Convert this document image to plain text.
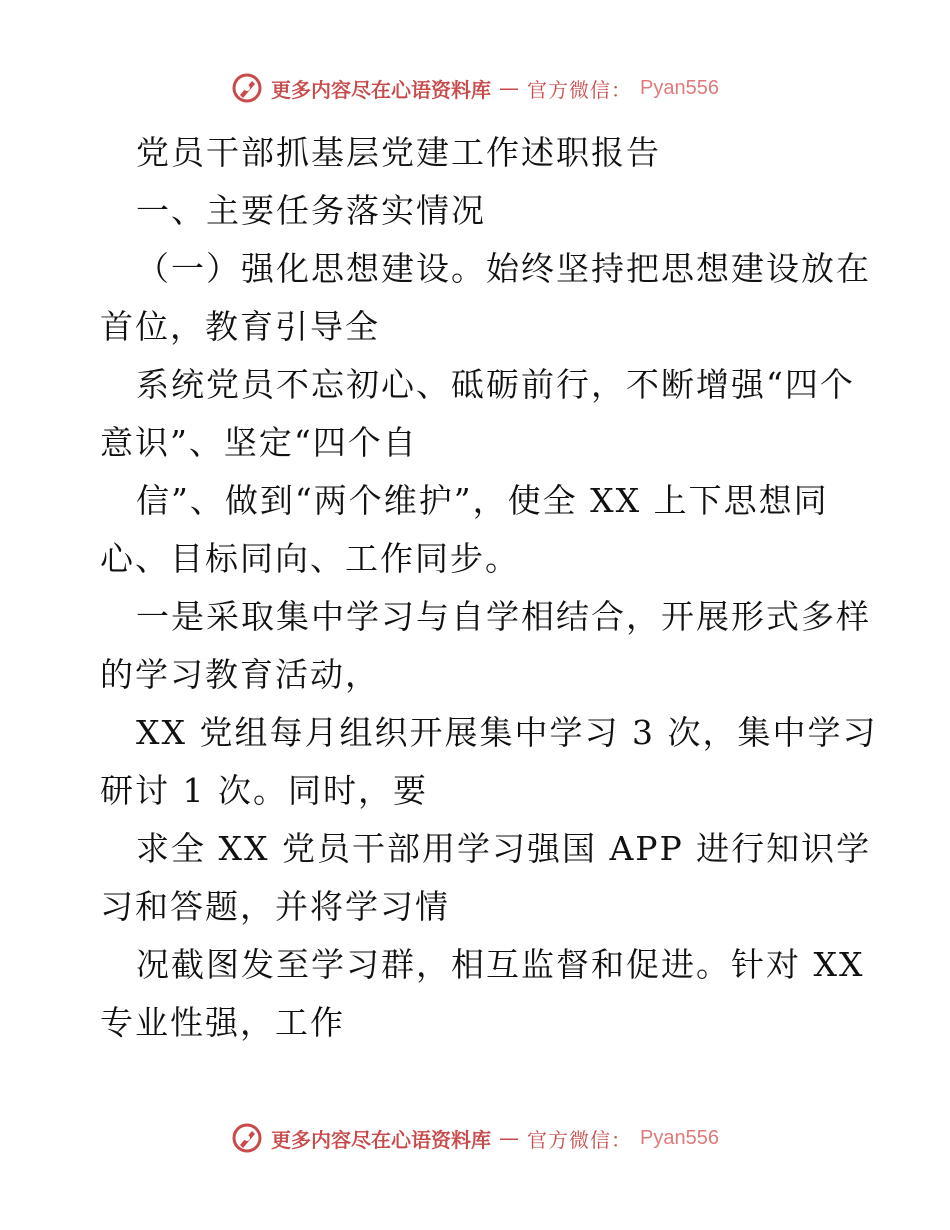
更多内容尽在心语资料库 — 官方微信： Pyan556
党员干部抓基层党建工作述职报告
一、主要任务落实情况
（一）强化思想建设。始终坚持把思想建设放在
首位，教育引导全
系统党员不忘初心、砥砺前行，不断增强“四个
意识”、坚定“四个自
信”、做到“两个维护”，使全 XX 上下思想同
心、目标同向、工作同步。
一是采取集中学习与自学相结合，开展形式多样
的学习教育活动，
XX 党组每月组织开展集中学习 3 次，集中学习
研讨 1 次。同时，要
求全 XX 党员干部用学习强国 APP 进行知识学
习和答题，并将学习情
况截图发至学习群，相互监督和促进。针对 XX
专业性强，工作
更多内容尽在心语资料库 — 官方微信： Pyan556
